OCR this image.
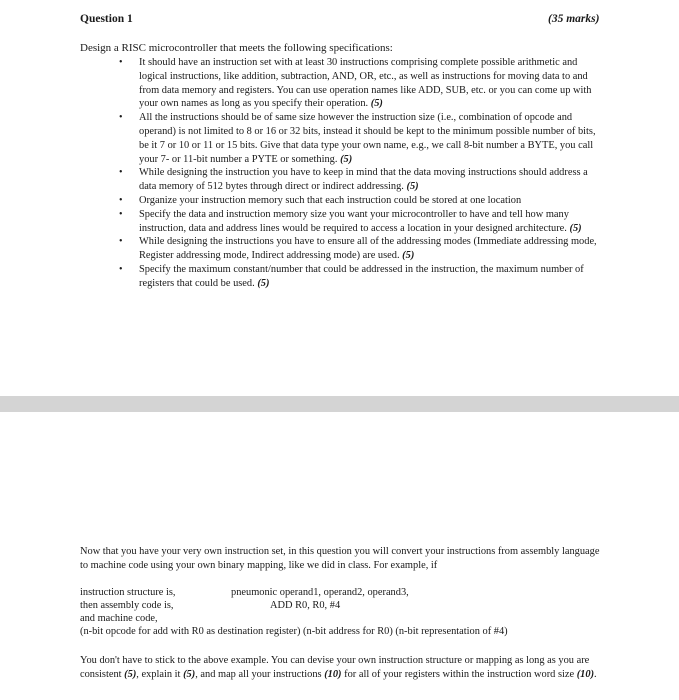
Question 1	(35 marks)
Design a RISC microcontroller that meets the following specifications:
• It should have an instruction set with at least 30 instructions comprising complete possible arithmetic and logical instructions, like addition, subtraction, AND, OR, etc., as well as instructions for moving data to and from data memory and registers. You can use operation names like ADD, SUB, etc. or you can come up with your own names as long as you specify their operation. (5)
• All the instructions should be of same size however the instruction size (i.e., combination of opcode and operand) is not limited to 8 or 16 or 32 bits, instead it should be kept to the minimum possible number of bits, be it 7 or 10 or 11 or 15 bits. Give that data type your own name, e.g., we call 8-bit number a BYTE, you call your 7- or 11-bit number a PYTE or something. (5)
• While designing the instruction you have to keep in mind that the data moving instructions should address a data memory of 512 bytes through direct or indirect addressing. (5)
• Organize your instruction memory such that each instruction could be stored at one location
• Specify the data and instruction memory size you want your microcontroller to have and tell how many instruction, data and address lines would be required to access a location in your designed architecture. (5)
• While designing the instructions you have to ensure all of the addressing modes (Immediate addressing mode, Register addressing mode, Indirect addressing mode) are used. (5)
• Specify the maximum constant/number that could be addressed in the instruction, the maximum number of registers that could be used. (5)

Now that you have your very own instruction set, in this question you will convert your instructions from assembly language to machine code using your own binary mapping, like we did in class. For example, if

instruction structure is,	pneumonic operand1, operand2, operand3,
then assembly code is,	ADD R0, R0, #4
and machine code,
(n-bit opcode for add with R0 as destination register) (n-bit address for R0) (n-bit representation of #4)

You don't have to stick to the above example. You can devise your own instruction structure or mapping as long as you are consistent (5), explain it (5), and map all your instructions (10) for all of your registers within the instruction word size (10).
